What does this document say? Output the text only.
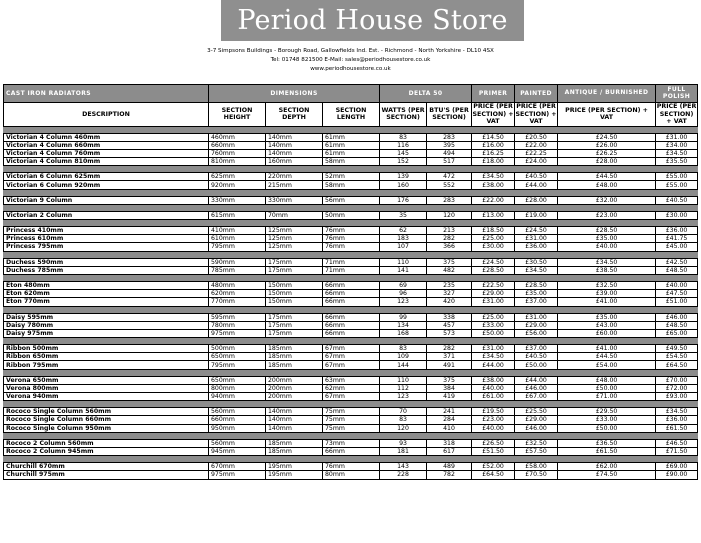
Period House Store
3-7 Simpsons Buildings - Borough Road, Gallowfields Ind. Est. - Richmond - North Yorkshire - DL10 4SX
Tel: 01748 821500 E-Mail: sales@periodhousestore.co.uk
www.periodhousestore.co.uk
CAST IRON RADIATORS	DIMENSIONS			DELTA 50		PRIMER	PAINTED	ANTIQUE / BURNISHED	FULL POLISH
DESCRIPTION	SECTION HEIGHT	SECTION DEPTH	SECTION LENGTH	WATTS (PER SECTION)	BTU'S (PER SECTION)	PRICE (PER SECTION) + VAT	PRICE (PER SECTION) + VAT	PRICE (PER SECTION) + VAT	PRICE (PER SECTION) + VAT

Victorian 4 Column 460mm	460mm	140mm	61mm	83	283	£14.50	£20.50	£24.50	£31.00
Victorian 4 Column 660mm	660mm	140mm	61mm	116	395	£16.00	£22.00	£26.00	£34.00
Victorian 4 Column 760mm	760mm	140mm	61mm	145	494	£16.25	£22.25	£26.25	£34.50
Victorian 4 Column 810mm	810mm	160mm	58mm	152	517	£18.00	£24.00	£28.00	£35.50

Victorian 6 Column 625mm	625mm	220mm	52mm	139	472	£34.50	£40.50	£44.50	£55.00
Victorian 6 Column 920mm	920mm	215mm	58mm	160	552	£38.00	£44.00	£48.00	£55.00

Victorian 9 Column	330mm	330mm	56mm	176	283	£22.00	£28.00	£32.00	£40.50

Victorian 2 Column	615mm	70mm	50mm	35	120	£13.00	£19.00	£23.00	£30.00

Princess 410mm	410mm	125mm	76mm	62	213	£18.50	£24.50	£28.50	£36.00
Princess 610mm	610mm	125mm	76mm	183	282	£25.00	£31.00	£35.00	£41.75
Princess 795mm	795mm	125mm	76mm	107	366	£30.00	£36.00	£40.00	£45.00

Duchess 590mm	590mm	175mm	71mm	110	375	£24.50	£30.50	£34.50	£42.50
Duchess 785mm	785mm	175mm	71mm	141	482	£28.50	£34.50	£38.50	£48.50

Eton 480mm	480mm	150mm	66mm	69	235	£22.50	£28.50	£32.50	£40.00
Eton 620mm	620mm	150mm	66mm	96	327	£29.00	£35.00	£39.00	£47.50
Eton 770mm	770mm	150mm	66mm	123	420	£31.00	£37.00	£41.00	£51.00

Daisy 595mm	595mm	175mm	66mm	99	338	£25.00	£31.00	£35.00	£46.00
Daisy 780mm	780mm	175mm	66mm	134	457	£33.00	£29.00	£43.00	£48.50
Daisy 975mm	975mm	175mm	66mm	168	573	£50.00	£56.00	£60.00	£65.00

Ribbon 500mm	500mm	185mm	67mm	83	282	£31.00	£37.00	£41.00	£49.50
Ribbon 650mm	650mm	185mm	67mm	109	371	£34.50	£40.50	£44.50	£54.50
Ribbon 795mm	795mm	185mm	67mm	144	491	£44.00	£50.00	£54.00	£64.50

Verona 650mm	650mm	200mm	63mm	110	375	£38.00	£44.00	£48.00	£70.00
Verona 800mm	800mm	200mm	62mm	112	384	£40.00	£46.00	£50.00	£72.00
Verona 940mm	940mm	200mm	67mm	123	419	£61.00	£67.00	£71.00	£93.00

Rococo Single Column 560mm	560mm	140mm	75mm	70	241	£19.50	£25.50	£29.50	£34.50
Rococo Single Column 660mm	660mm	140mm	75mm	83	284	£23.00	£29.00	£33.00	£36.00
Rococo Single Column 950mm	950mm	140mm	75mm	120	410	£40.00	£46.00	£50.00	£61.50

Rococo 2 Column 560mm	560mm	185mm	73mm	93	318	£26.50	£32.50	£36.50	£46.50
Rococo 2 Column 945mm	945mm	185mm	66mm	181	617	£51.50	£57.50	£61.50	£71.50

Churchill 670mm	670mm	195mm	76mm	143	489	£52.00	£58.00	£62.00	£69.00
Churchill 975mm	975mm	195mm	80mm	228	782	£64.50	£70.50	£74.50	£90.00
